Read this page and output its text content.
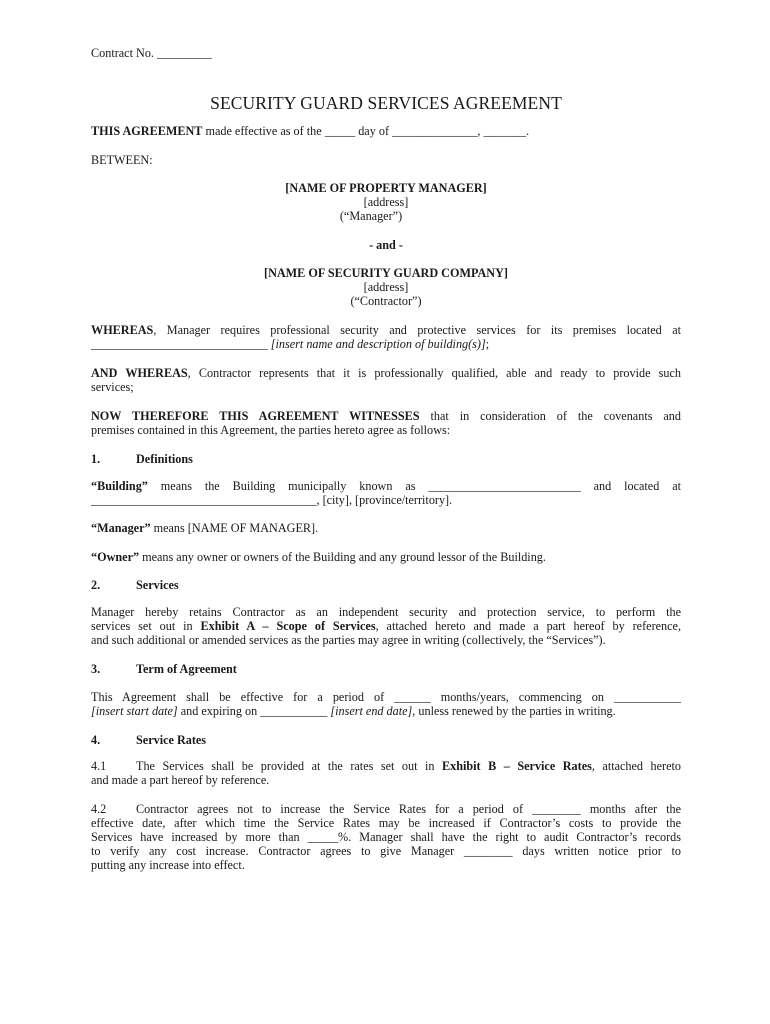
Contract No. _________
SECURITY GUARD SERVICES AGREEMENT
THIS AGREEMENT made effective as of the _____ day of ______________, _______.
BETWEEN:
[NAME OF PROPERTY MANAGER]
[address]
(“Manager”)
- and -
[NAME OF SECURITY GUARD COMPANY]
[address]
(“Contractor”)
WHEREAS, Manager requires professional security and protective services for its premises located at
_____________________________ [insert name and description of building(s)];
AND WHEREAS, Contractor represents that it is professionally qualified, able and ready to provide such
services;
NOW THEREFORE THIS AGREEMENT WITNESSES that in consideration of the covenants and
premises contained in this Agreement, the parties hereto agree as follows:
1.	Definitions
“Building” means the Building municipally known as _________________________ and located at
_____________________________________, [city], [province/territory].
“Manager” means [NAME OF MANAGER].
“Owner” means any owner or owners of the Building and any ground lessor of the Building.
2.	Services
Manager hereby retains Contractor as an independent security and protection service, to perform the
services set out in Exhibit A – Scope of Services, attached hereto and made a part hereof by reference,
and such additional or amended services as the parties may agree in writing (collectively, the “Services”).
3.	Term of Agreement
This Agreement shall be effective for a period of ______ months/years, commencing on ___________
[insert start date] and expiring on ___________ [insert end date], unless renewed by the parties in writing.
4.	Service Rates
4.1 The Services shall be provided at the rates set out in Exhibit B – Service Rates, attached hereto
and made a part hereof by reference.
4.2 Contractor agrees not to increase the Service Rates for a period of ________ months after the
effective date, after which time the Service Rates may be increased if Contractor’s costs to provide the
Services have increased by more than _____%. Manager shall have the right to audit Contractor’s records
to verify any cost increase. Contractor agrees to give Manager ________ days written notice prior to
putting any increase into effect.
